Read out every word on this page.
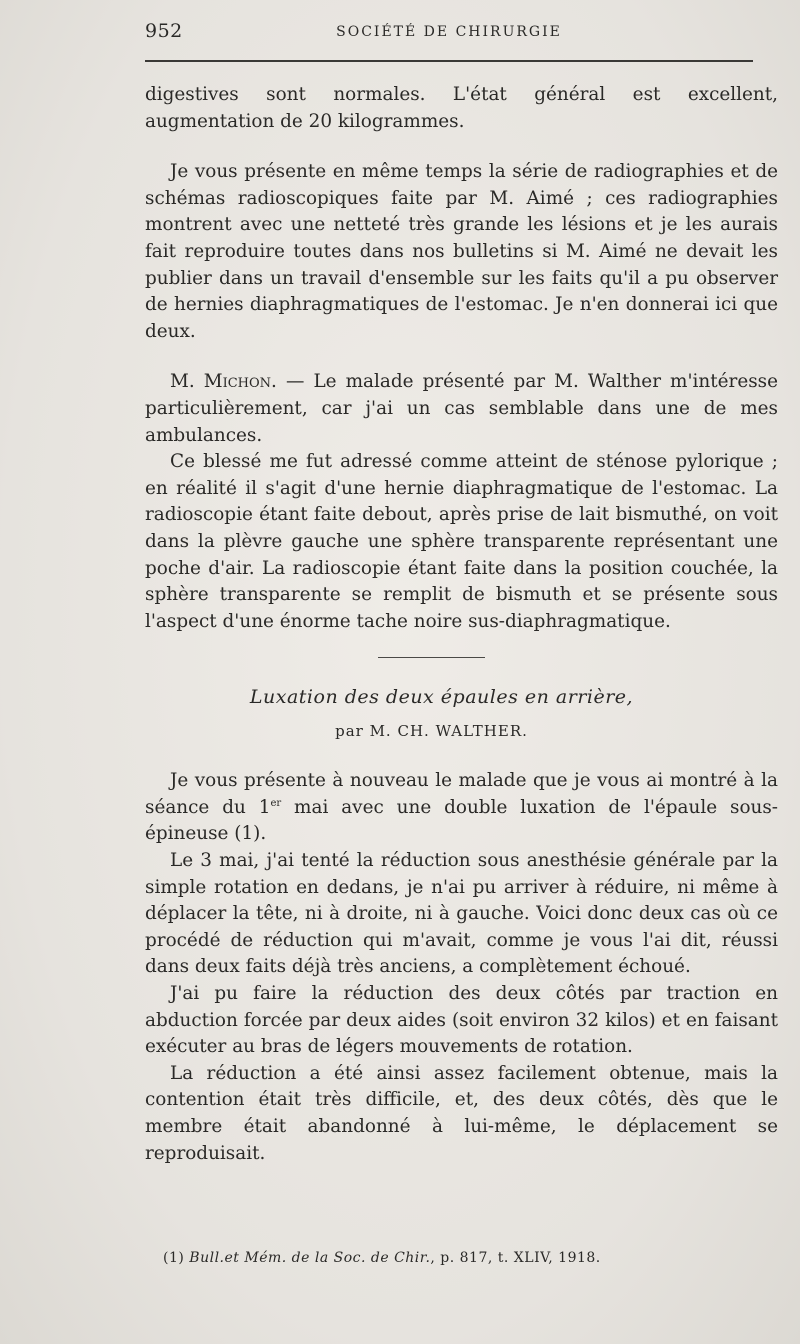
952	SOCIÉTÉ DE CHIRURGIE

digestives sont normales. L'état général est excellent, augmentation de 20 kilogrammes.

Je vous présente en même temps la série de radiographies et de schémas radioscopiques faite par M. Aimé ; ces radiographies montrent avec une netteté très grande les lésions et je les aurais fait reproduire toutes dans nos bulletins si M. Aimé ne devait les publier dans un travail d'ensemble sur les faits qu'il a pu observer de hernies diaphragmatiques de l'estomac. Je n'en donnerai ici que deux.

M. Michon. — Le malade présenté par M. Walther m'intéresse particulièrement, car j'ai un cas semblable dans une de mes ambulances.

Ce blessé me fut adressé comme atteint de sténose pylorique ; en réalité il s'agit d'une hernie diaphragmatique de l'estomac. La radioscopie étant faite debout, après prise de lait bismuthé, on voit dans la plèvre gauche une sphère transparente représentant une poche d'air. La radioscopie étant faite dans la position couchée, la sphère transparente se remplit de bismuth et se présente sous l'aspect d'une énorme tache noire sus-diaphragmatique.

Luxation des deux épaules en arrière,

par M. CH. WALTHER.

Je vous présente à nouveau le malade que je vous ai montré à la séance du 1er mai avec une double luxation de l'épaule sous-épineuse (1).

Le 3 mai, j'ai tenté la réduction sous anesthésie générale par la simple rotation en dedans, je n'ai pu arriver à réduire, ni même à déplacer la tête, ni à droite, ni à gauche. Voici donc deux cas où ce procédé de réduction qui m'avait, comme je vous l'ai dit, réussi dans deux faits déjà très anciens, a complètement échoué.

J'ai pu faire la réduction des deux côtés par traction en abduction forcée par deux aides (soit environ 32 kilos) et en faisant exécuter au bras de légers mouvements de rotation.

La réduction a été ainsi assez facilement obtenue, mais la contention était très difficile, et, des deux côtés, dès que le membre était abandonné à lui-même, le déplacement se reproduisait.

(1) Bull.et Mém. de la Soc. de Chir., p. 817, t. XLIV, 1918.
